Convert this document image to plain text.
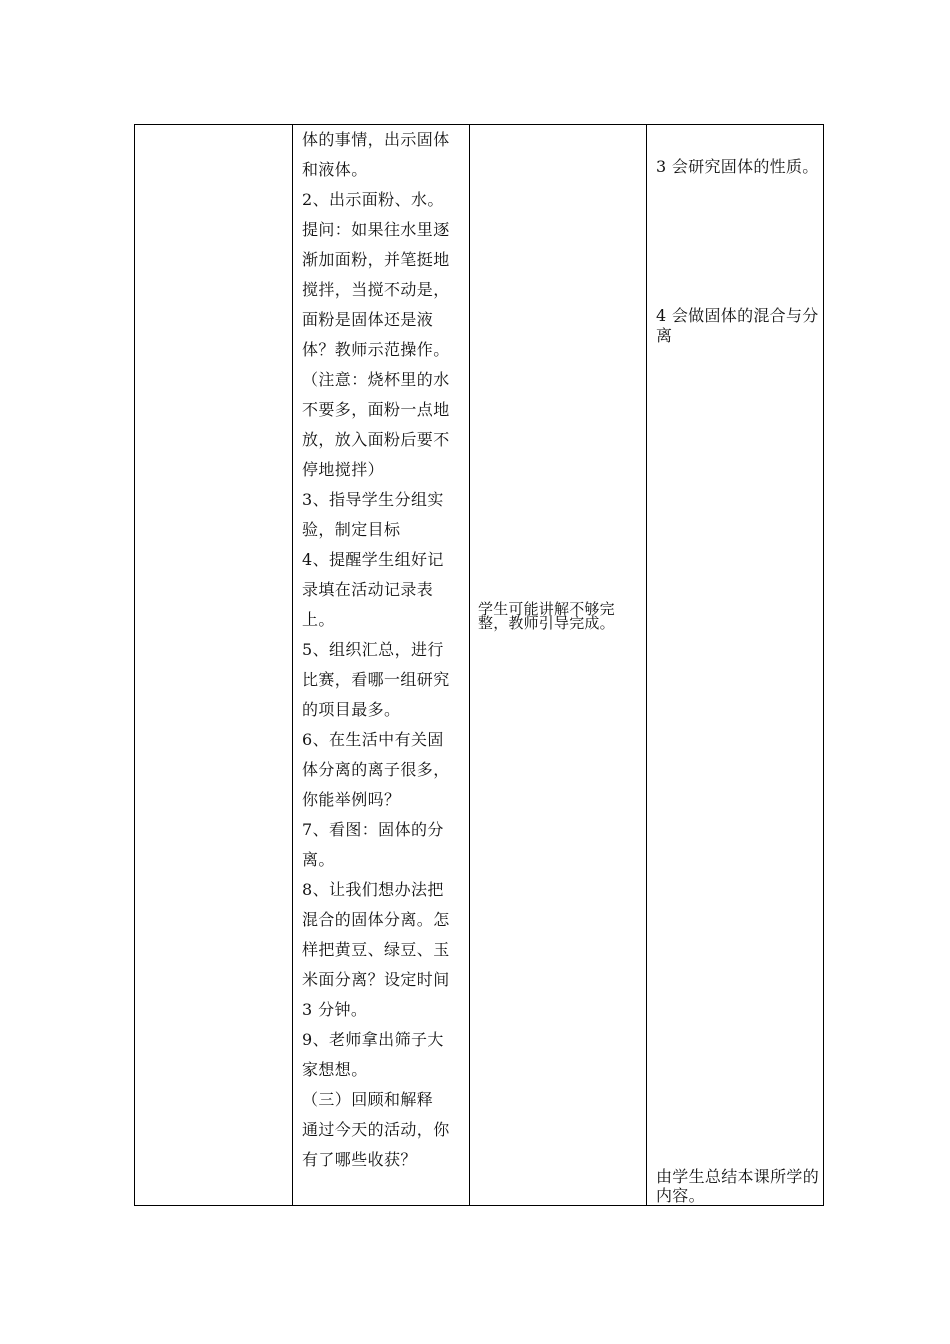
体的事情，出示固体
和液体。
2、出示面粉、水。
提问：如果往水里逐
渐加面粉，并笔挺地
搅拌，当搅不动是，
面粉是固体还是液
体？教师示范操作。
（注意：烧杯里的水
不要多，面粉一点地
放，放入面粉后要不
停地搅拌）
3、指导学生分组实
验，制定目标
4、提醒学生组好记
录填在活动记录表
上。
5、组织汇总，进行
比赛，看哪一组研究
的项目最多。
6、在生活中有关固
体分离的离子很多，
你能举例吗？
7、看图：固体的分
离。
8、让我们想办法把
混合的固体分离。怎
样把黄豆、绿豆、玉
米面分离？设定时间
3 分钟。
9、老师拿出筛子大
家想想。
（三）回顾和解释
通过今天的活动，你
有了哪些收获？
学生可能讲解不够完整，教师引导完成。
3 会研究固体的性质。
4 会做固体的混合与分离
由学生总结本课所学的内容。
